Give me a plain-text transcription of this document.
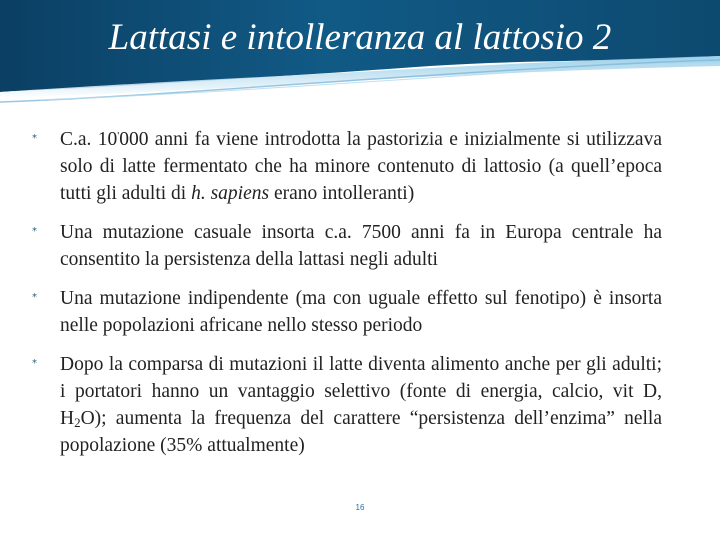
Lattasi e intolleranza al lattosio 2
* C.a. 10'000 anni fa viene introdotta la pastorizia e inizialmente si utilizzava solo di latte fermentato che ha minore contenuto di lattosio (a quell’epoca tutti gli adulti di h. sapiens erano intolleranti)
* Una mutazione casuale insorta c.a. 7500 anni fa in Europa centrale ha consentito la persistenza della lattasi negli adulti
* Una mutazione indipendente (ma con uguale effetto sul fenotipo) è insorta nelle popolazioni africane nello stesso periodo
* Dopo la comparsa di mutazioni il latte diventa alimento anche per gli adulti; i portatori hanno un vantaggio selettivo (fonte di energia, calcio, vit D, $H_2O$); aumenta la frequenza del carattere “persistenza dell’enzima” nella popolazione (35% attualmente)
16
